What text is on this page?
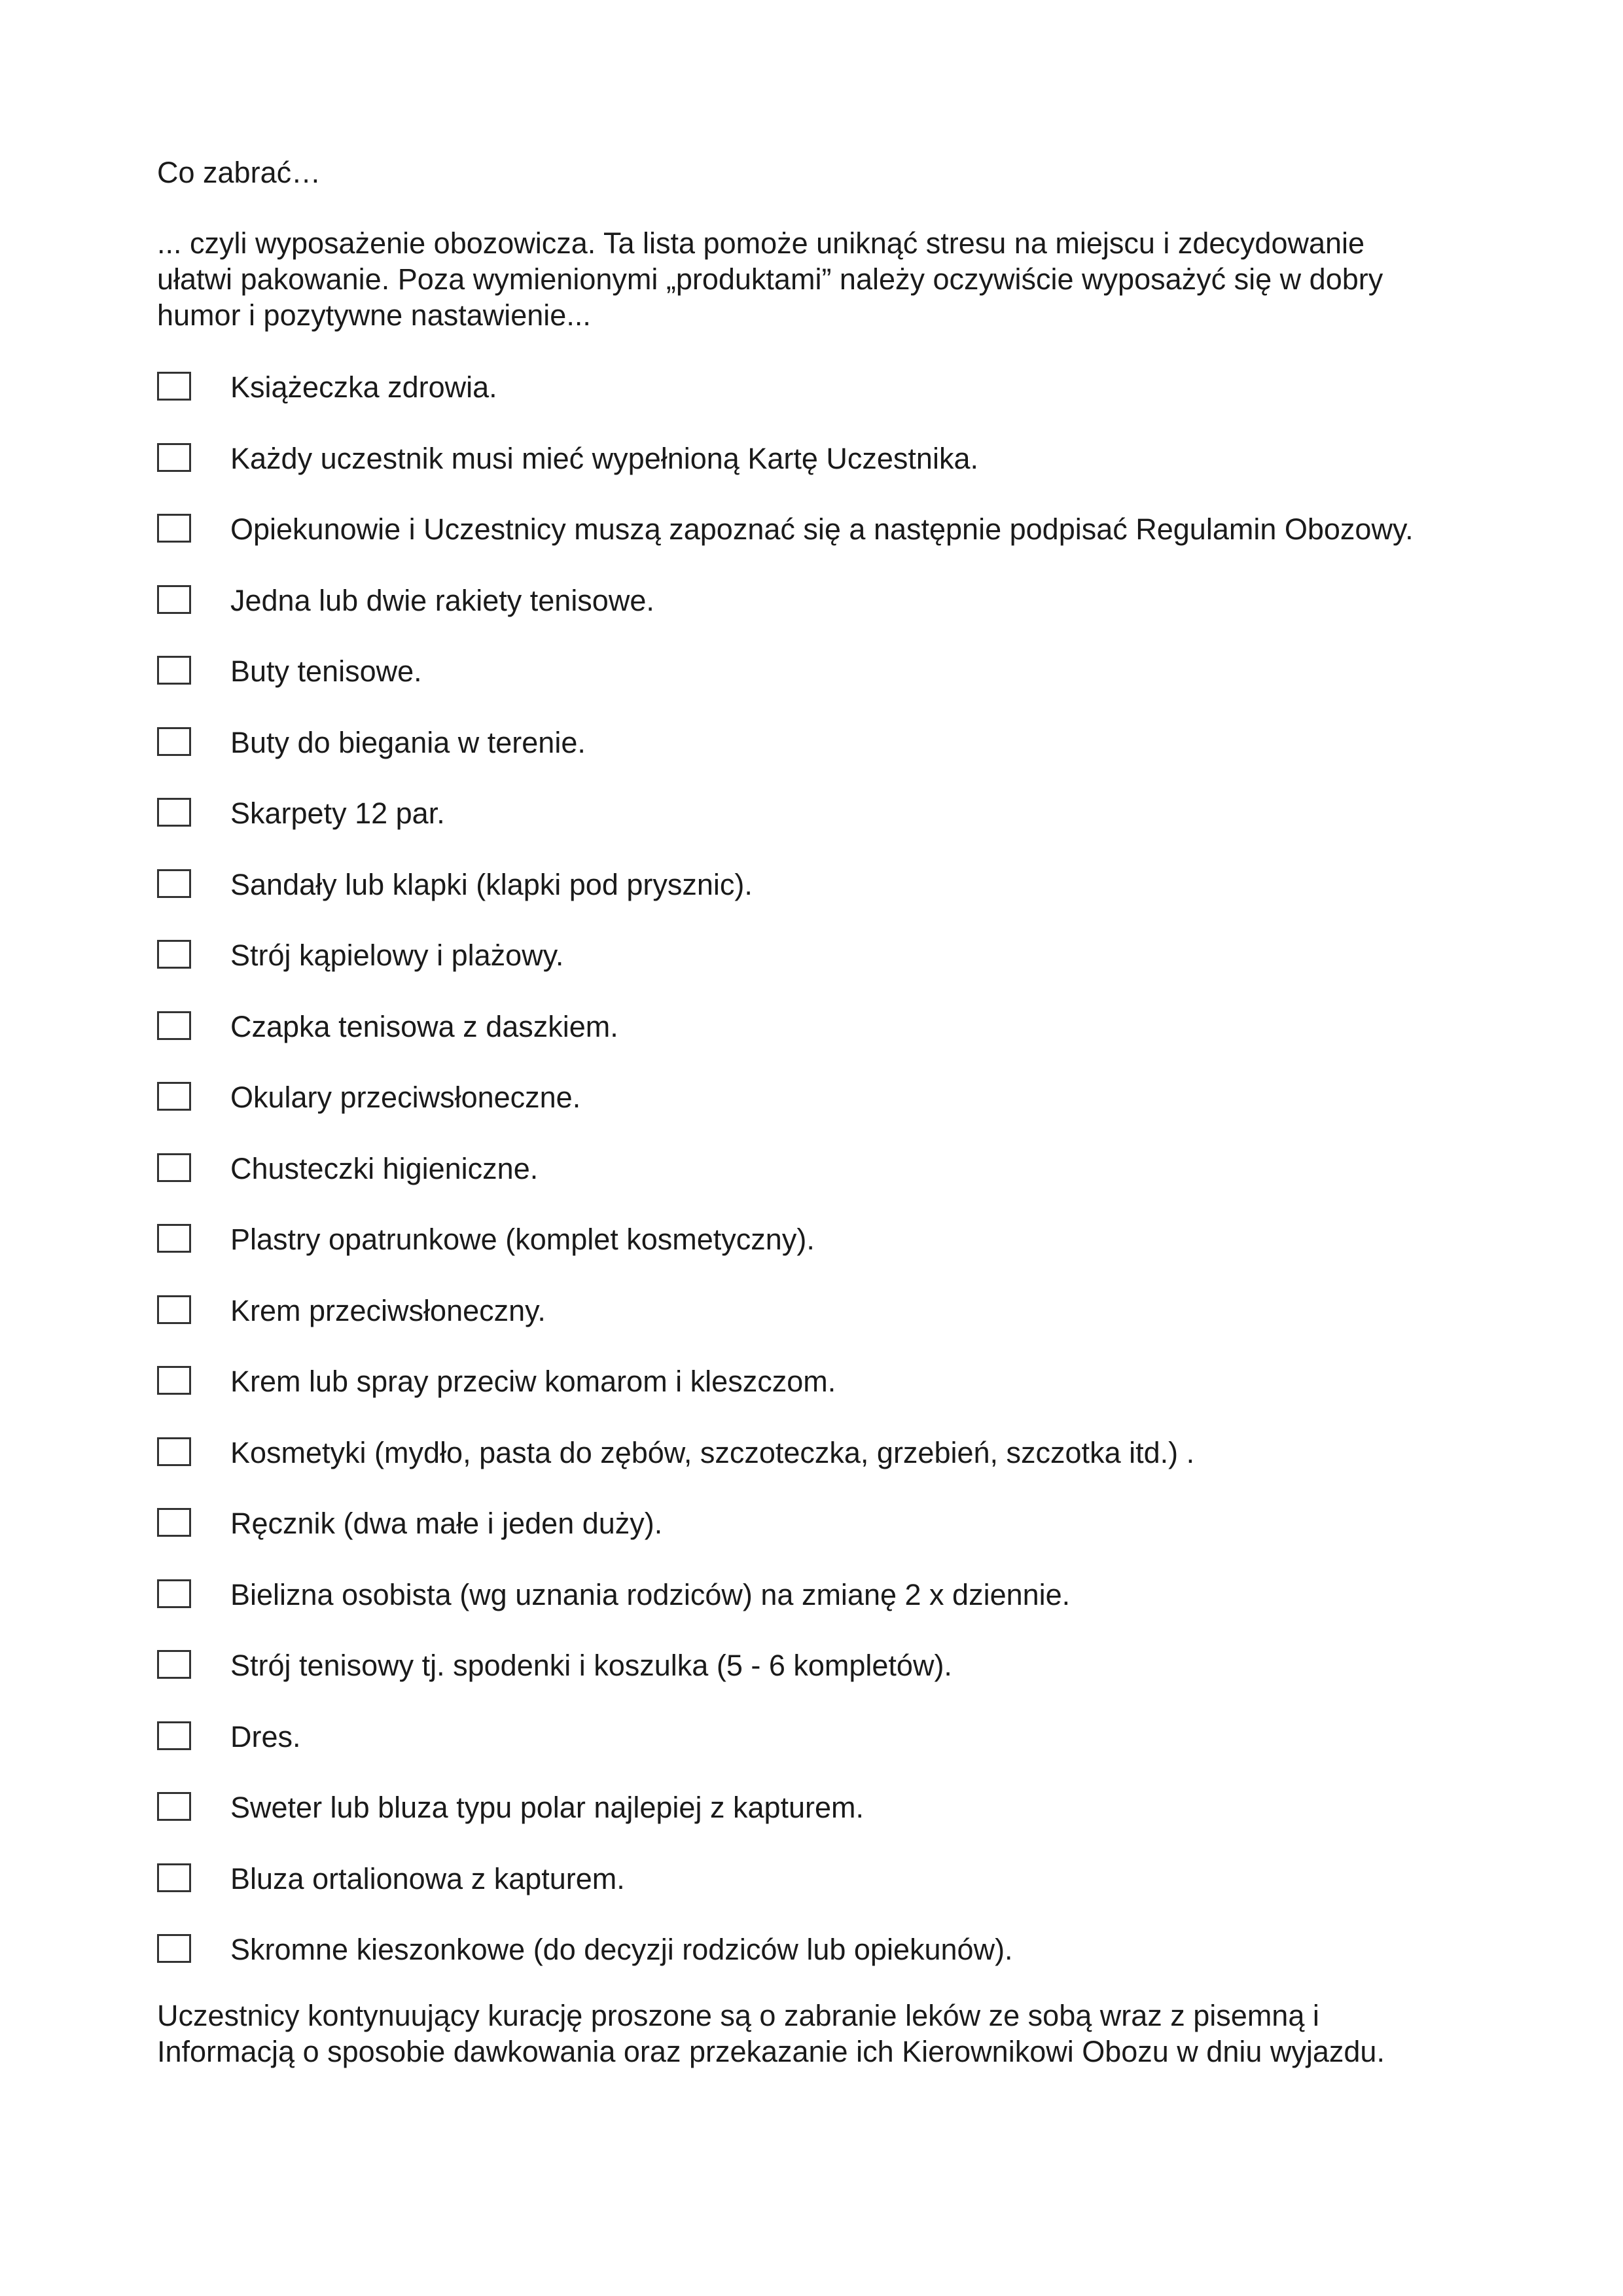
Co zabrać…
... czyli wyposażenie obozowicza. Ta lista pomoże uniknąć stresu na miejscu i zdecydowanie
ułatwi pakowanie. Poza wymienionymi „produktami” należy oczywiście wyposażyć się w dobry
humor i pozytywne nastawienie...
Książeczka zdrowia.
Każdy uczestnik musi mieć wypełnioną Kartę Uczestnika.
Opiekunowie i Uczestnicy muszą zapoznać się a następnie podpisać Regulamin Obozowy.
Jedna lub dwie rakiety tenisowe.
Buty tenisowe.
Buty do biegania w terenie.
Skarpety 12 par.
Sandały lub klapki (klapki pod prysznic).
Strój kąpielowy i plażowy.
Czapka tenisowa z daszkiem.
Okulary przeciwsłoneczne.
Chusteczki higieniczne.
Plastry opatrunkowe (komplet kosmetyczny).
Krem przeciwsłoneczny.
Krem lub spray przeciw komarom i kleszczom.
Kosmetyki (mydło, pasta do zębów, szczoteczka, grzebień, szczotka itd.) .
Ręcznik (dwa małe i jeden duży).
Bielizna osobista (wg uznania rodziców) na zmianę 2 x dziennie.
Strój tenisowy tj. spodenki i koszulka (5 - 6 kompletów).
Dres.
Sweter lub bluza typu polar najlepiej z kapturem.
Bluza ortalionowa z kapturem.
Skromne kieszonkowe (do decyzji rodziców lub opiekunów).
Uczestnicy kontynuujący kurację proszone są o zabranie leków ze sobą wraz z pisemną i
Informacją o sposobie dawkowania oraz przekazanie ich Kierownikowi Obozu w dniu wyjazdu.
